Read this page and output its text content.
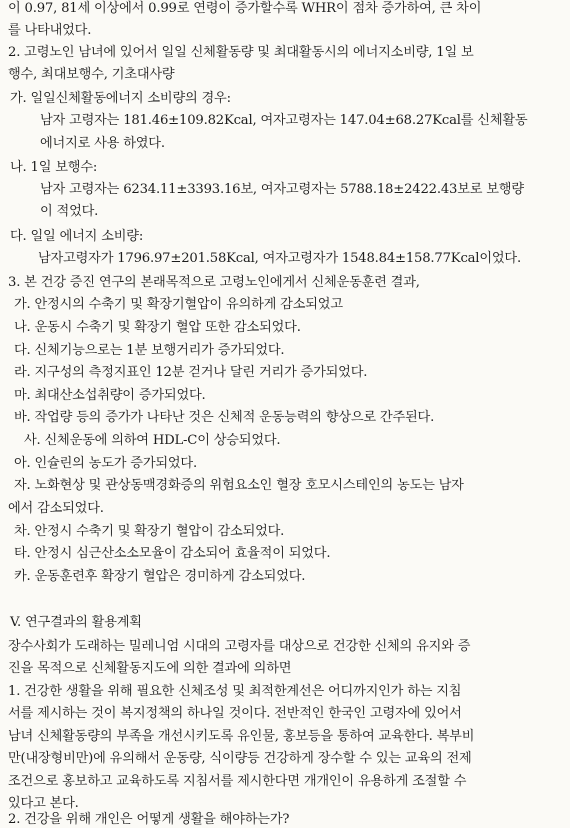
이 0.97, 81세 이상에서 0.99로 연령이 증가할수록 WHR이 점차 증가하여, 큰 차이
를 나타내었다.
2. 고령노인 남녀에 있어서 일일 신체활동량 및 최대활동시의 에너지소비량, 1일 보
행수, 최대보행수, 기초대사량
가. 일일신체활동에너지 소비량의 경우:
남자 고령자는 181.46±109.82Kcal, 여자고령자는 147.04±68.27Kcal를 신체활동
에너지로 사용 하였다.
나. 1일 보행수:
남자 고령자는 6234.11±3393.16보, 여자고령자는 5788.18±2422.43보로 보행량
이 적었다.
다. 일일 에너지 소비량:
남자고령자가 1796.97±201.58Kcal, 여자고령자가 1548.84±158.77Kcal이었다.
3. 본 건강 증진 연구의 본래목적으로 고령노인에게서 신체운동훈련 결과,
가. 안정시의 수축기 및 확장기혈압이 유의하게 감소되었고
나. 운동시 수축기 및 확장기 혈압 또한 감소되었다.
다. 신체기능으로는 1분 보행거리가 증가되었다.
라. 지구성의 측정지표인 12분 걷거나 달린 거리가 증가되었다.
마. 최대산소섭취량이 증가되었다.
바. 작업량 등의 증가가 나타난 것은 신체적 운동능력의 향상으로 간주된다.
사. 신체운동에 의하여 HDL-C이 상승되었다.
아. 인슐린의 농도가 증가되었다.
자. 노화현상 및 관상동맥경화증의 위험요소인 혈장 호모시스테인의 농도는 남자
에서 감소되었다.
차. 안정시 수축기 및 확장기 혈압이 감소되었다.
타. 안정시 심근산소소모율이 감소되어 효율적이 되었다.
카. 운동훈련후 확장기 혈압은 경미하게 감소되었다.
V. 연구결과의 활용계획
장수사회가 도래하는 밀레니엄 시대의 고령자를 대상으로 건강한 신체의 유지와 증
진을 목적으로 신체활동지도에 의한 결과에 의하면
1. 건강한 생활을 위해 필요한 신체조성 및 최적한계선은 어디까지인가 하는 지침
서를 제시하는 것이 복지정책의 하나일 것이다. 전반적인 한국인 고령자에 있어서
남녀 신체활동량의 부족을 개선시키도록 유인물, 홍보등을 통하여 교육한다. 복부비
만(내장형비만)에 유의해서 운동량, 식이량등 건강하게 장수할 수 있는 교육의 전제
조건으로 홍보하고 교육하도록 지침서를 제시한다면 개개인이 유용하게 조절할 수
있다고 본다.
2. 건강을 위해 개인은 어떻게 생활을 해야하는가?
